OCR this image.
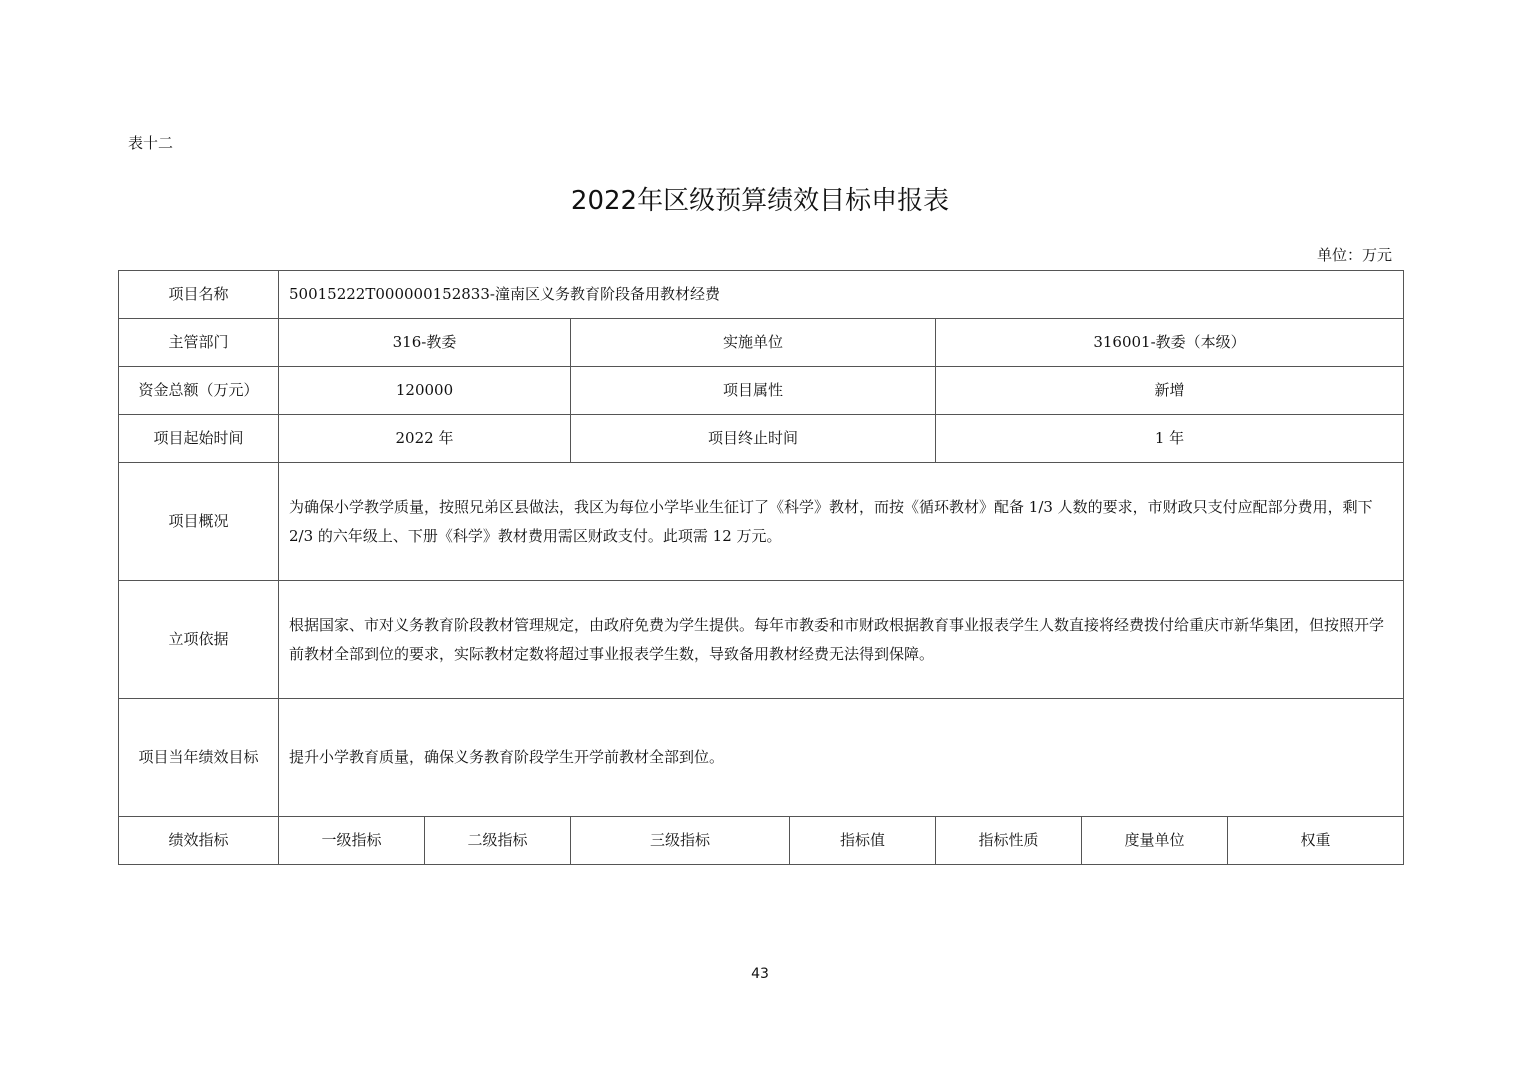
表十二
2022年区级预算绩效目标申报表
单位：万元
项目名称	50015222T000000152833-潼南区义务教育阶段备用教材经费						
主管部门	316-教委		实施单位		316001-教委（本级）		
资金总额（万元）	120000		项目属性		新增		
项目起始时间	2022 年		项目终止时间		1 年		
项目概况	为确保小学教学质量，按照兄弟区县做法，我区为每位小学毕业生征订了《科学》教材，而按《循环教材》配备 1/3 人数的要求，市财政只支付应配部分费用，剩下 2/3 的六年级上、下册《科学》教材费用需区财政支付。此项需 12 万元。						
立项依据	根据国家、市对义务教育阶段教材管理规定，由政府免费为学生提供。每年市教委和市财政根据教育事业报表学生人数直接将经费拨付给重庆市新华集团，但按照开学前教材全部到位的要求，实际教材定数将超过事业报表学生数，导致备用教材经费无法得到保障。						
项目当年绩效目标	提升小学教育质量，确保义务教育阶段学生开学前教材全部到位。						
绩效指标	一级指标	二级指标	三级指标	指标值	指标性质	度量单位	权重
43
